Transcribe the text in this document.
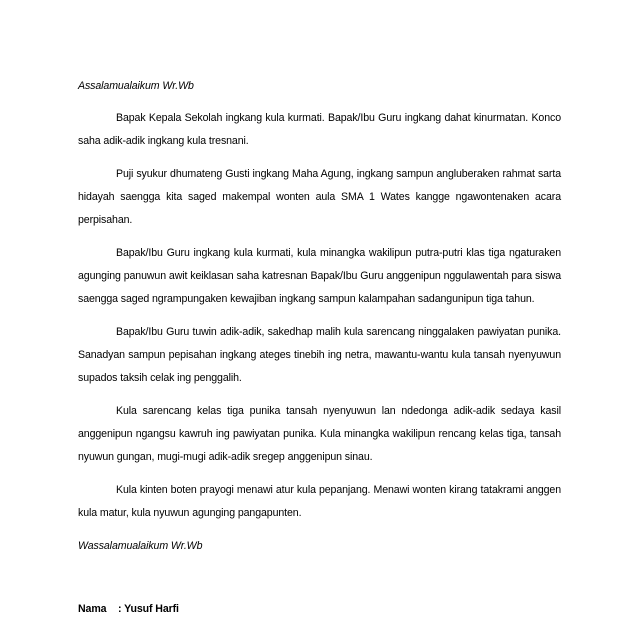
Assalamualaikum Wr.Wb

Bapak Kepala Sekolah ingkang kula kurmati. Bapak/Ibu Guru ingkang dahat kinurmatan. Konco saha adik-adik ingkang kula tresnani.

Puji syukur dhumateng Gusti ingkang Maha Agung, ingkang sampun angluberaken rahmat sarta hidayah saengga kita saged makempal wonten aula SMA 1 Wates kangge ngawontenaken acara perpisahan.

Bapak/Ibu Guru ingkang kula kurmati, kula minangka wakilipun putra-putri klas tiga ngaturaken agunging panuwun awit keiklasan saha katresnan Bapak/Ibu Guru anggenipun nggulawentah para siswa saengga saged ngrampungaken kewajiban ingkang sampun kalampahan sadangunipun tiga tahun.

Bapak/Ibu Guru tuwin adik-adik, sakedhap malih kula sarencang ninggalaken pawiyatan punika. Sanadyan sampun pepisahan ingkang ateges tinebih ing netra, mawantu-wantu kula tansah nyenyuwun supados taksih celak ing penggalih.

Kula sarencang kelas tiga punika tansah nyenyuwun lan ndedonga adik-adik sedaya kasil anggenipun ngangsu kawruh ing pawiyatan punika. Kula minangka wakilipun rencang kelas tiga, tansah nyuwun gungan, mugi-mugi adik-adik sregep anggenipun sinau.

Kula kinten boten prayogi menawi atur kula pepanjang. Menawi wonten kirang tatakrami anggen kula matur, kula nyuwun agunging pangapunten.

Wassalamualaikum Wr.Wb

Nama : Yusuf Harfi
